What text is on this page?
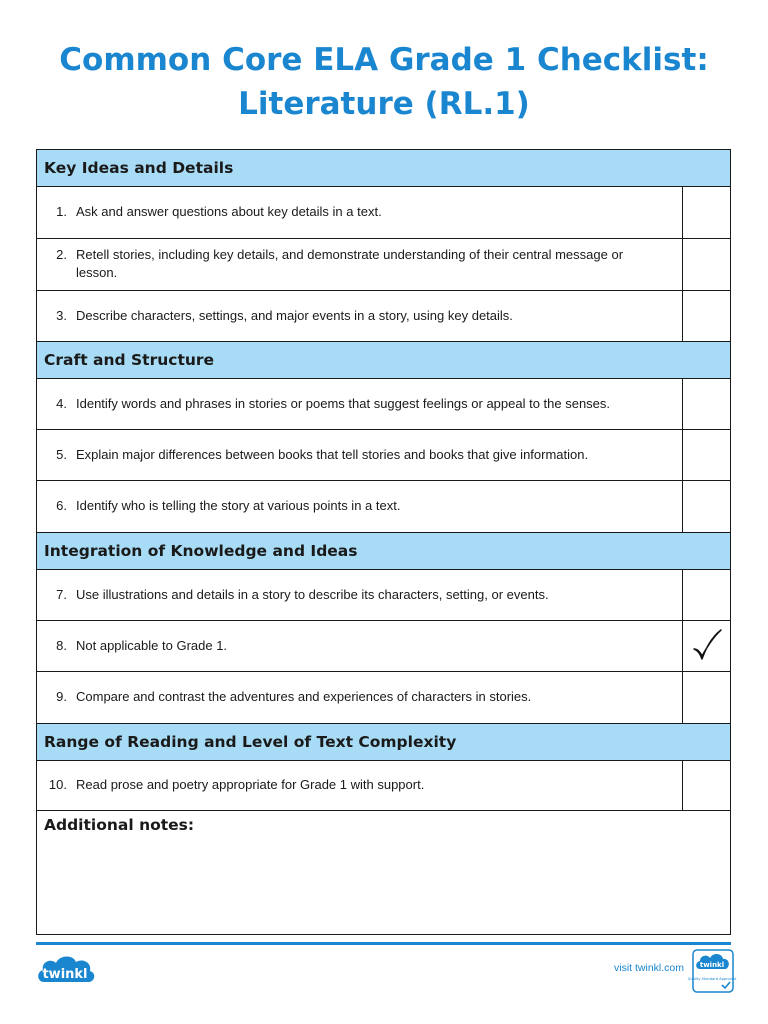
Common Core ELA Grade 1 Checklist:
Literature (RL.1)
Key Ideas and Details
1. Ask and answer questions about key details in a text.
2. Retell stories, including key details, and demonstrate understanding of their central message or lesson.
3. Describe characters, settings, and major events in a story, using key details.
Craft and Structure
4. Identify words and phrases in stories or poems that suggest feelings or appeal to the senses.
5. Explain major differences between books that tell stories and books that give information.
6. Identify who is telling the story at various points in a text.
Integration of Knowledge and Ideas
7. Use illustrations and details in a story to describe its characters, setting, or events.
8. Not applicable to Grade 1.
9. Compare and contrast the adventures and experiences of characters in stories.
Range of Reading and Level of Text Complexity
10. Read prose and poetry appropriate for Grade 1 with support.
Additional notes:
twinkl	visit twinkl.com twinkl
Quality Standard Approved
